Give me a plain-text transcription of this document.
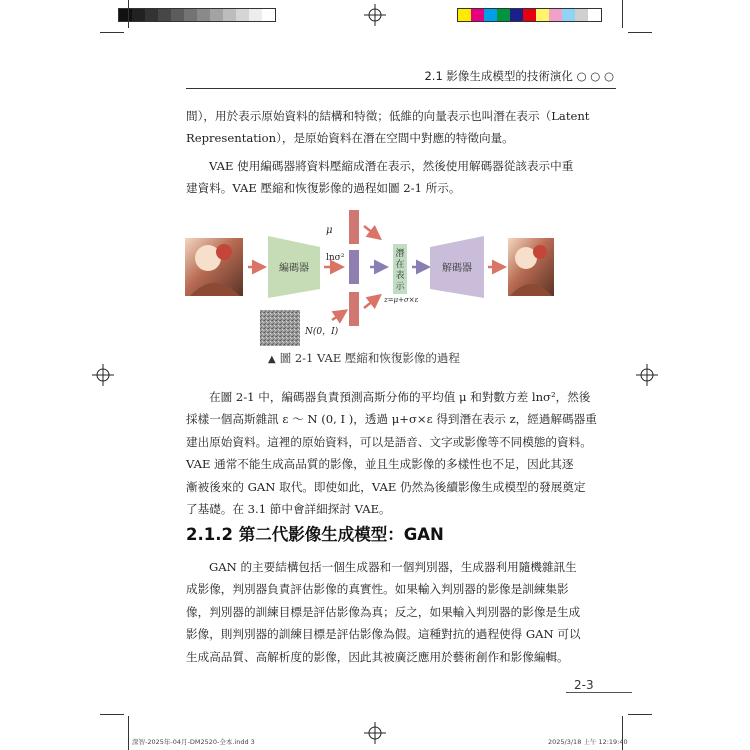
2.1 影像生成模型的技術演化 ○ ○ ○
間），用於表示原始資料的結構和特徵；低維的向量表示也叫潛在表示（Latent
Representation），是原始資料在潛在空間中對應的特徵向量。
VAE 使用編碼器將資料壓縮成潛在表示，然後使用解碼器從該表示中重
建資料。VAE 壓縮和恢復影像的過程如圖 2-1 所示。
編碼器
μ
lnσ²
N(0，I)
潛
在
表
示
z=μ+σ×ε
解碼器
▲ 圖 2-1 VAE 壓縮和恢復影像的過程
在圖 2-1 中，編碼器負責預測高斯分佈的平均值 μ 和對數方差 lnσ²，然後
採樣一個高斯雜訊 ε ～ N (0, I )，透過 μ+σ×ε 得到潛在表示 z，經過解碼器重
建出原始資料。這裡的原始資料，可以是語音、文字或影像等不同模態的資料。
VAE 通常不能生成高品質的影像，並且生成影像的多樣性也不足，因此其逐
漸被後來的 GAN 取代。即使如此，VAE 仍然為後續影像生成模型的發展奠定
了基礎。在 3.1 節中會詳細探討 VAE。
2.1.2 第二代影像生成模型：GAN
GAN 的主要結構包括一個生成器和一個判別器，生成器利用隨機雜訊生
成影像，判別器負責評估影像的真實性。如果輸入判別器的影像是訓練集影
像，判別器的訓練目標是評估影像為真；反之，如果輸入判別器的影像是生成
影像，則判別器的訓練目標是評估影像為假。這種對抗的過程使得 GAN 可以
生成高品質、高解析度的影像，因此其被廣泛應用於藝術創作和影像編輯。
2-3
深智-2025年-04月-DM2520-全本.indd 3	2025/3/18 上午 12:19:40
